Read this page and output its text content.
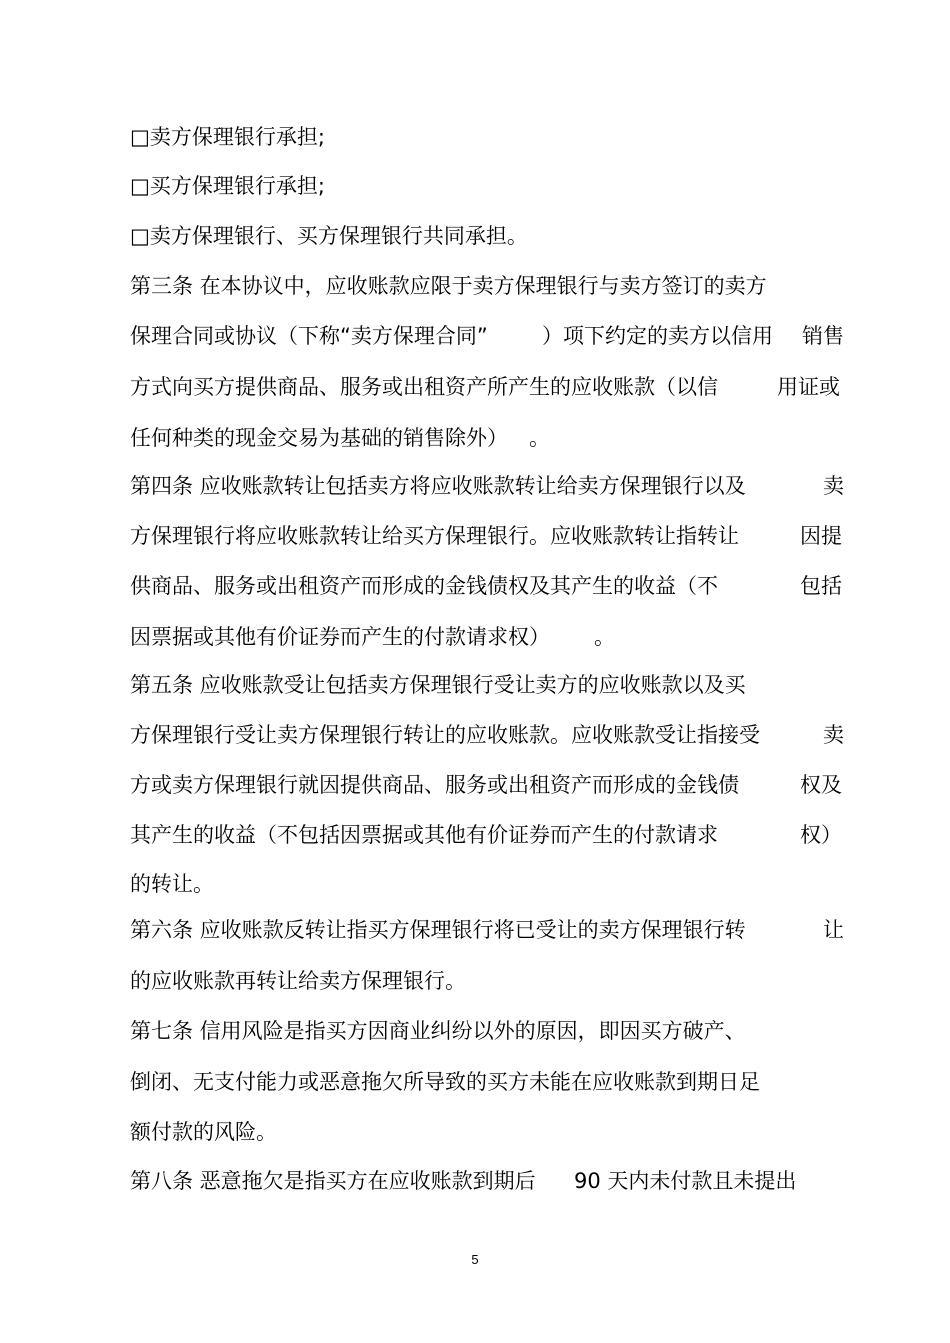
□卖方保理银行承担;
□买方保理银行承担;
□卖方保理银行、买方保理银行共同承担。
第三条 在本协议中，应收账款应限于卖方保理银行与卖方签订的卖方
保理合同或协议（下称“卖方保理合同”	）项下约定的卖方以信用 销售
方式向买方提供商品、服务或出租资产所产生的应收账款（以信	用证或
任何种类的现金交易为基础的销售除外） 。
第四条 应收账款转让包括卖方将应收账款转让给卖方保理银行以及	卖
方保理银行将应收账款转让给买方保理银行。应收账款转让指转让	因提
供商品、服务或出租资产而形成的金钱债权及其产生的收益（不	包括
因票据或其他有价证券而产生的付款请求权） 。
第五条 应收账款受让包括卖方保理银行受让卖方的应收账款以及买
方保理银行受让卖方保理银行转让的应收账款。应收账款受让指接受	卖
方或卖方保理银行就因提供商品、服务或出租资产而形成的金钱债	权及
其产生的收益（不包括因票据或其他有价证券而产生的付款请求	权）
的转让。
第六条 应收账款反转让指买方保理银行将已受让的卖方保理银行转	让
的应收账款再转让给卖方保理银行。
第七条 信用风险是指买方因商业纠纷以外的原因，即因买方破产、
倒闭、无支付能力或恶意拖欠所导致的买方未能在应收账款到期日足
额付款的风险。
第八条 恶意拖欠是指买方在应收账款到期后 90 天内未付款且未提出
5
